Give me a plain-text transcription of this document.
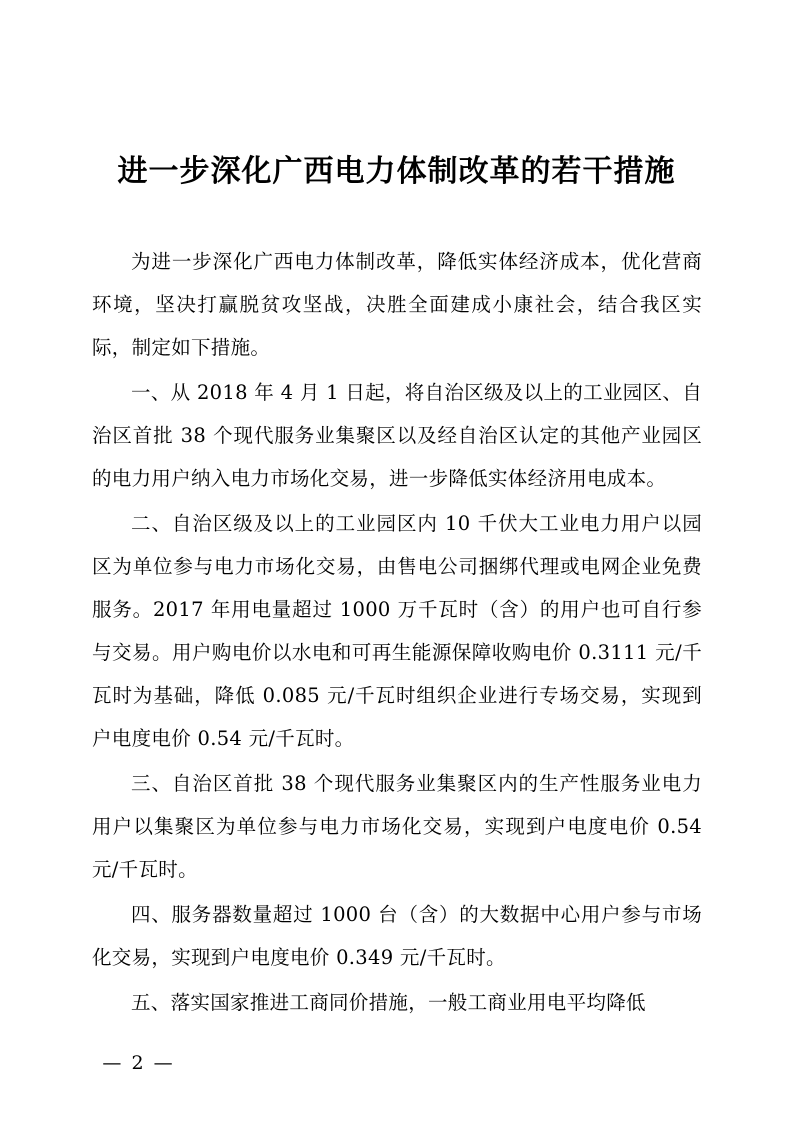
进一步深化广西电力体制改革的若干措施

为进一步深化广西电力体制改革，降低实体经济成本，优化营商环境，坚决打赢脱贫攻坚战，决胜全面建成小康社会，结合我区实际，制定如下措施。

一、从 2018 年 4 月 1 日起，将自治区级及以上的工业园区、自治区首批 38 个现代服务业集聚区以及经自治区认定的其他产业园区的电力用户纳入电力市场化交易，进一步降低实体经济用电成本。

二、自治区级及以上的工业园区内 10 千伏大工业电力用户以园区为单位参与电力市场化交易，由售电公司捆绑代理或电网企业免费服务。2017 年用电量超过 1000 万千瓦时（含）的用户也可自行参与交易。用户购电价以水电和可再生能源保障收购电价 0.3111 元/千瓦时为基础，降低 0.085 元/千瓦时组织企业进行专场交易，实现到户电度电价 0.54 元/千瓦时。

三、自治区首批 38 个现代服务业集聚区内的生产性服务业电力用户以集聚区为单位参与电力市场化交易，实现到户电度电价 0.54 元/千瓦时。

四、服务器数量超过 1000 台（含）的大数据中心用户参与市场化交易，实现到户电度电价 0.349 元/千瓦时。

五、落实国家推进工商同价措施，一般工商业用电平均降低

— 2 —
